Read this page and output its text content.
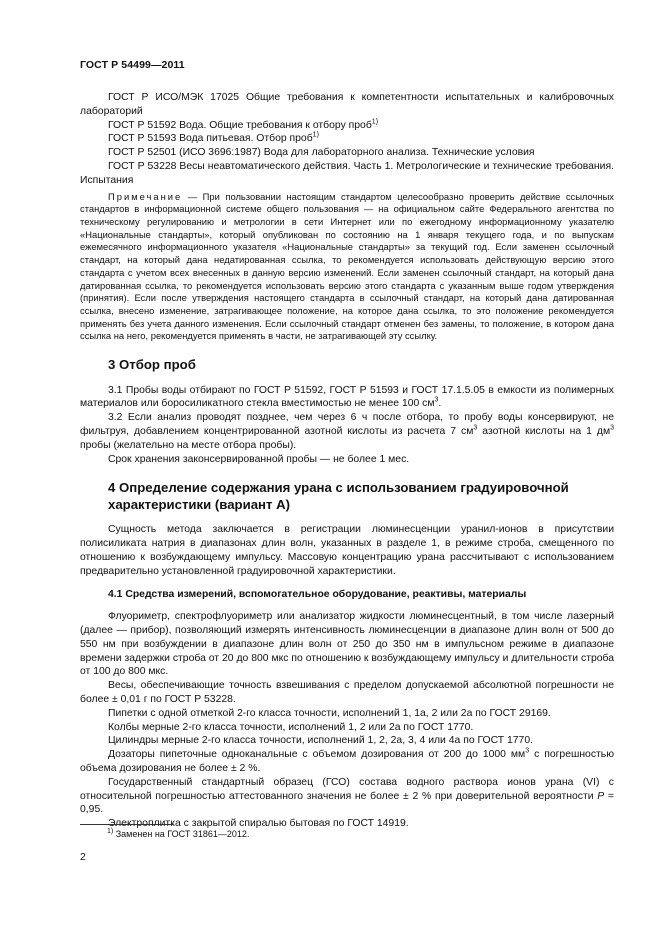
ГОСТ Р 54499—2011

ГОСТ Р ИСО/МЭК 17025 Общие требования к компетентности испытательных и калибровочных лабораторий

ГОСТ Р 51592 Вода. Общие требования к отбору проб$^{1)}$

ГОСТ Р 51593 Вода питьевая. Отбор проб$^{1)}$

ГОСТ Р 52501 (ИСО 3696:1987) Вода для лабораторного анализа. Технические условия

ГОСТ Р 53228 Весы неавтоматического действия. Часть 1. Метрологические и технические требования. Испытания

Примечание — При пользовании настоящим стандартом целесообразно проверить действие ссылочных стандартов в информационной системе общего пользования — на официальном сайте Федерального агентства по техническому регулированию и метрологии в сети Интернет или по ежегодному информационному указателю «Национальные стандарты», который опубликован по состоянию на 1 января текущего года, и по выпускам ежемесячного информационного указателя «Национальные стандарты» за текущий год. Если заменен ссылочный стандарт, на который дана недатированная ссылка, то рекомендуется использовать действующую версию этого стандарта с учетом всех внесенных в данную версию изменений. Если заменен ссылочный стандарт, на который дана датированная ссылка, то рекомендуется использовать версию этого стандарта с указанным выше годом утверждения (принятия). Если после утверждения настоящего стандарта в ссылочный стандарт, на который дана датированная ссылка, внесено изменение, затрагивающее положение, на которое дана ссылка, то это положение рекомендуется применять без учета данного изменения. Если ссылочный стандарт отменен без замены, то положение, в котором дана ссылка на него, рекомендуется применять в части, не затрагивающей эту ссылку.

3 Отбор проб

3.1 Пробы воды отбирают по ГОСТ Р 51592, ГОСТ Р 51593 и ГОСТ 17.1.5.05 в емкости из полимерных материалов или боросиликатного стекла вместимостью не менее 100 $см^3$.

3.2 Если анализ проводят позднее, чем через 6 ч после отбора, то пробу воды консервируют, не фильтруя, добавлением концентрированной азотной кислоты из расчета 7 $см^3$ азотной кислоты на 1 $дм^3$ пробы (желательно на месте отбора пробы).

Срок хранения законсервированной пробы — не более 1 мес.

4 Определение содержания урана с использованием градуировочной характеристики (вариант А)

Сущность метода заключается в регистрации люминесценции уранил-ионов в присутствии полисиликата натрия в диапазонах длин волн, указанных в разделе 1, в режиме строба, смещенного по отношению к возбуждающему импульсу. Массовую концентрацию урана рассчитывают с использованием предварительно установленной градуировочной характеристики.

4.1 Средства измерений, вспомогательное оборудование, реактивы, материалы

Флуориметр, спектрофлуориметр или анализатор жидкости люминесцентный, в том числе лазерный (далее — прибор), позволяющий измерять интенсивность люминесценции в диапазоне длин волн от 500 до 550 нм при возбуждении в диапазоне длин волн от 250 до 350 нм в импульсном режиме в диапазоне времени задержки строба от 20 до 800 мкс по отношению к возбуждающему импульсу и длительности строба от 100 до 800 мкс.

Весы, обеспечивающие точность взвешивания с пределом допускаемой абсолютной погрешности не более ± 0,01 г по ГОСТ Р 53228.

Пипетки с одной отметкой 2-го класса точности, исполнений 1, 1а, 2 или 2а по ГОСТ 29169.

Колбы мерные 2-го класса точности, исполнений 1, 2 или 2а по ГОСТ 1770.

Цилиндры мерные 2-го класса точности, исполнений 1, 2, 2а, 3, 4 или 4а по ГОСТ 1770.

Дозаторы пипеточные одноканальные с объемом дозирования от 200 до 1000 $мм^3$ с погрешностью объема дозирования не более ± 2 %.

Государственный стандартный образец (ГСО) состава водного раствора ионов урана (VI) с относительной погрешностью аттестованного значения не более ± 2 % при доверительной вероятности P = 0,95.

Электроплитка с закрытой спиралью бытовая по ГОСТ 14919.

$^{1)}$ Заменен на ГОСТ 31861—2012.
2
